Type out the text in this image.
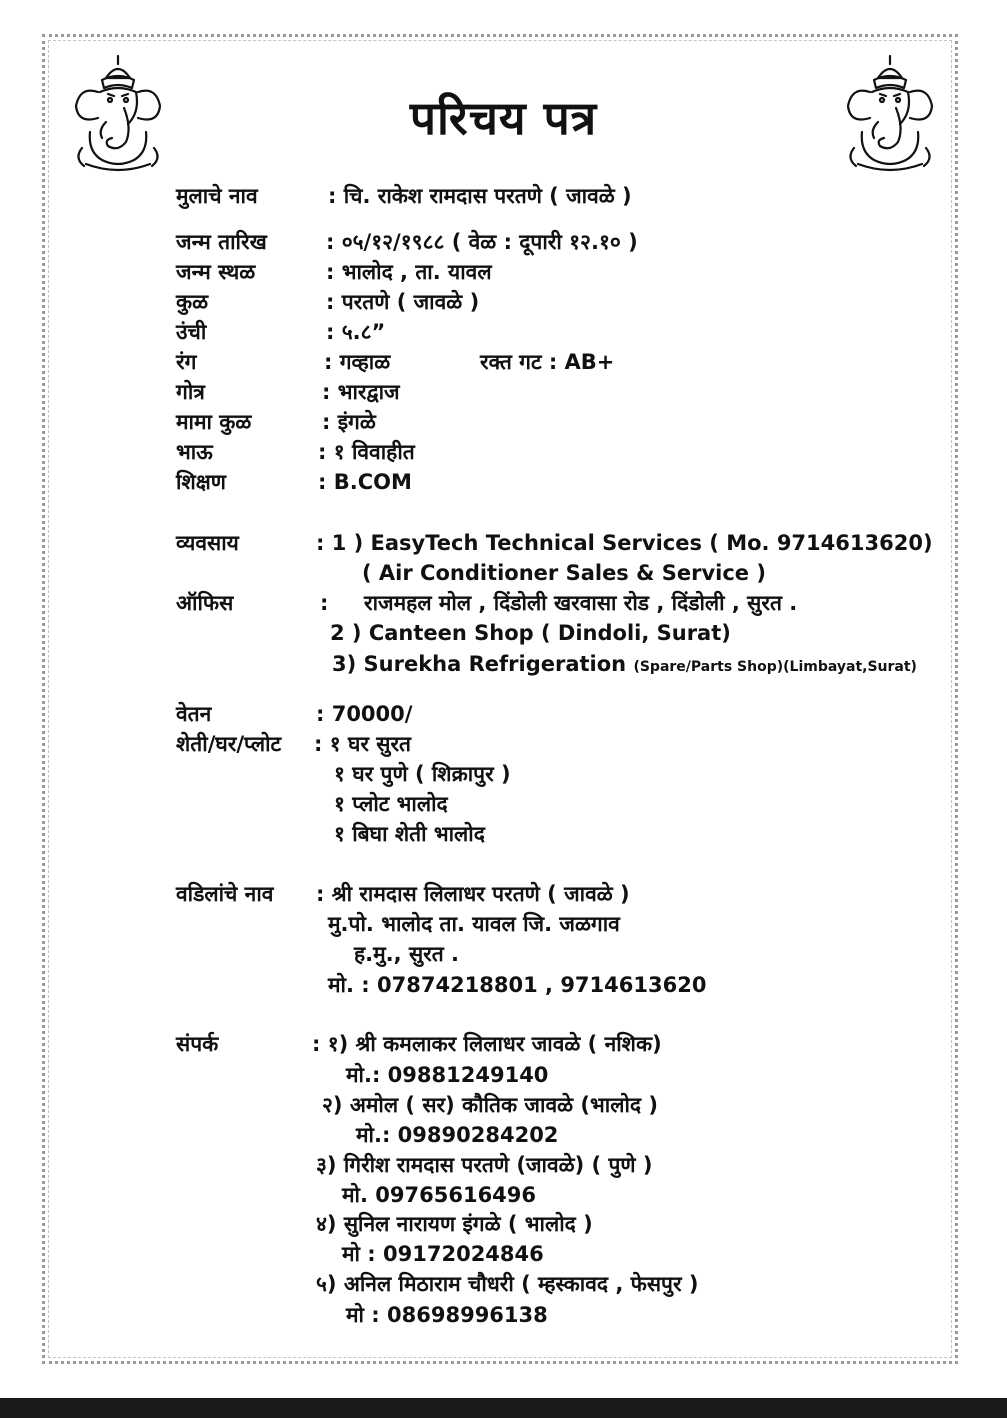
परिचय पत्र
मुलाचे नाव	: चि. राकेश रामदास परतणे ( जावळे )
जन्म तारिख	: ०५/१२/१९८८ ( वेळ : दूपारी १२.१० )
जन्म स्थळ	: भालोद , ता. यावल
कुळ	: परतणे ( जावळे )
उंची	: ५.८”
रंग	: गव्हाळ	रक्त गट : AB+
गोत्र	: भारद्वाज
मामा कुळ	: इंगळे
भाऊ	: १ विवाहीत
शिक्षण	: B.COM
व्यवसाय	: 1 ) EasyTech Technical Services ( Mo. 9714613620)
( Air Conditioner Sales & Service )
ऑफिस	: राजमहल मोल , दिंडोली खरवासा रोड , दिंडोली , सुरत .
2 ) Canteen Shop ( Dindoli, Surat)
3) Surekha Refrigeration (Spare/Parts Shop)(Limbayat,Surat)
वेतन	: 70000/
शेती/घर/प्लोट : १ घर सुरत
१ घर पुणे ( शिक्रापुर )
१ प्लोट भालोद
१ बिघा शेती भालोद
वडिलांचे नाव : श्री रामदास लिलाधर परतणे ( जावळे )
मु.पो. भालोद ता. यावल जि. जळगाव
ह.मु., सुरत .
मो. : 07874218801 , 9714613620
संपर्क	: १) श्री कमलाकर लिलाधर जावळे ( नशिक)
मो.: 09881249140
२) अमोल ( सर) कौतिक जावळे (भालोद )
मो.: 09890284202
३) गिरीश रामदास परतणे (जावळे) ( पुणे )
मो. 09765616496
४) सुनिल नारायण इंगळे ( भालोद )
मो : 09172024846
५) अनिल मिठाराम चौधरी ( म्हस्कावद , फेसपुर )
मो : 08698996138
